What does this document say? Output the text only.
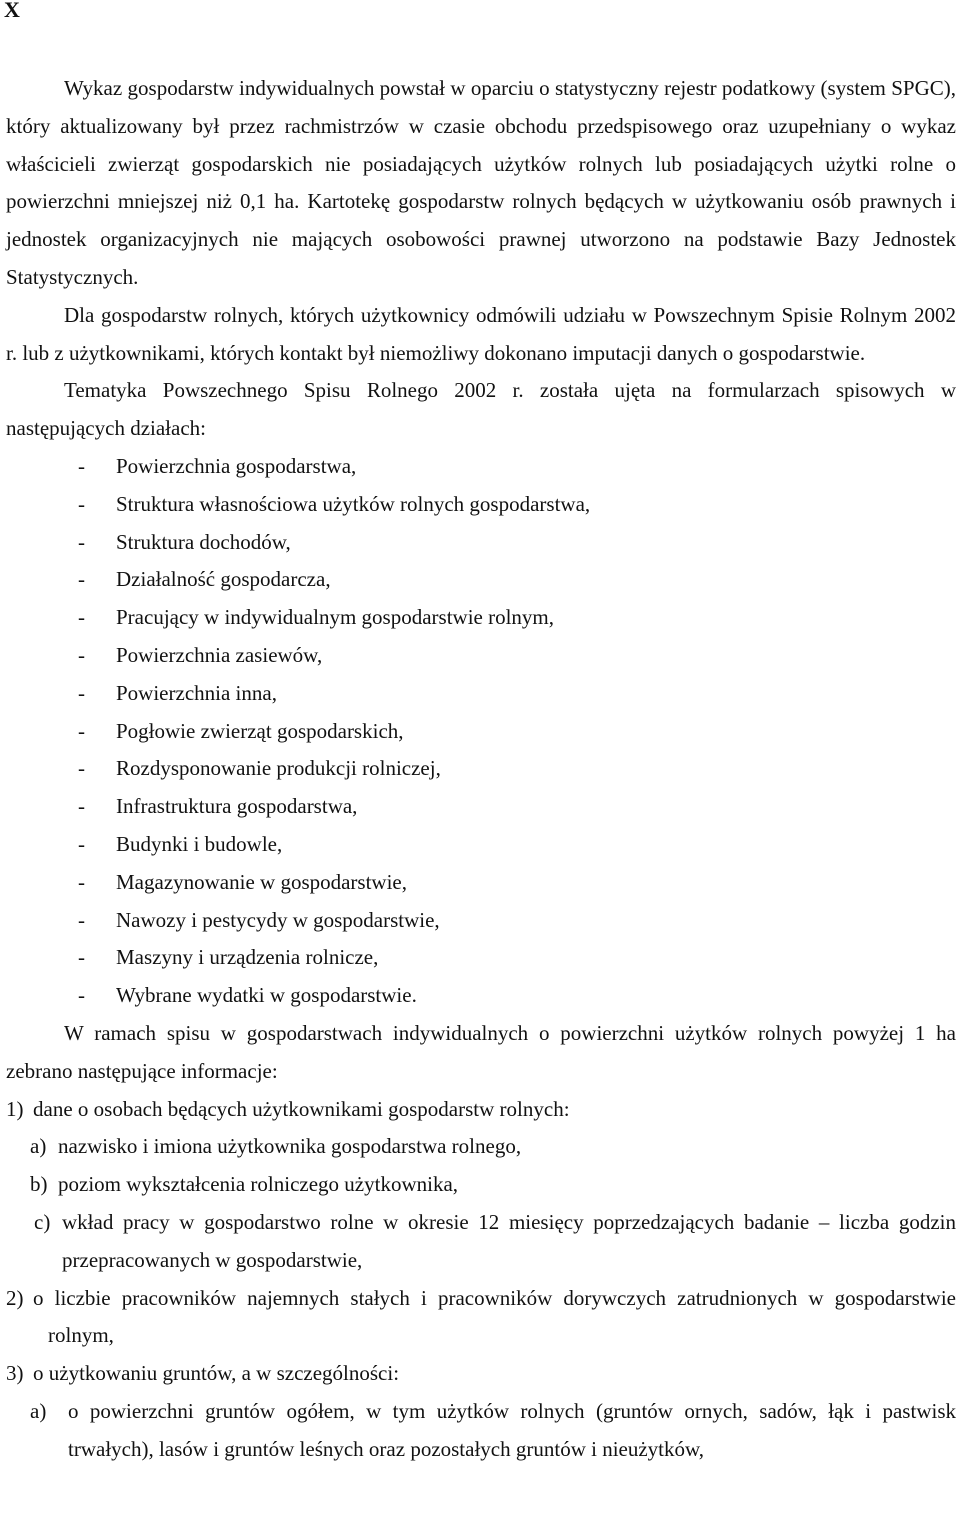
X

Wykaz gospodarstw indywidualnych powstał w oparciu o statystyczny rejestr podatkowy (system SPGC), który aktualizowany był przez rachmistrzów w czasie obchodu przedspisowego oraz uzupełniany o wykaz właścicieli zwierząt gospodarskich nie posiadających użytków rolnych lub posiadających użytki rolne o powierzchni mniejszej niż 0,1 ha. Kartotekę gospodarstw rolnych będących w użytkowaniu osób prawnych i jednostek organizacyjnych nie mających osobowości prawnej utworzono na podstawie Bazy Jednostek Statystycznych.

Dla gospodarstw rolnych, których użytkownicy odmówili udziału w Powszechnym Spisie Rolnym 2002 r. lub z użytkownikami, których kontakt był niemożliwy dokonano imputacji danych o gospodarstwie.

Tematyka Powszechnego Spisu Rolnego 2002 r. została ujęta na formularzach spisowych w następujących działach:

- Powierzchnia gospodarstwa,
- Struktura własnościowa użytków rolnych gospodarstwa,
- Struktura dochodów,
- Działalność gospodarcza,
- Pracujący w indywidualnym gospodarstwie rolnym,
- Powierzchnia zasiewów,
- Powierzchnia inna,
- Pogłowie zwierząt gospodarskich,
- Rozdysponowanie produkcji rolniczej,
- Infrastruktura gospodarstwa,
- Budynki i budowle,
- Magazynowanie w gospodarstwie,
- Nawozy i pestycydy w gospodarstwie,
- Maszyny i urządzenia rolnicze,
- Wybrane wydatki w gospodarstwie.

W ramach spisu w gospodarstwach indywidualnych o powierzchni użytków rolnych powyżej 1 ha zebrano następujące informacje:

1) dane o osobach będących użytkownikami gospodarstw rolnych:
a) nazwisko i imiona użytkownika gospodarstwa rolnego,
b) poziom wykształcenia rolniczego użytkownika,
c) wkład pracy w gospodarstwo rolne w okresie 12 miesięcy poprzedzających badanie – liczba godzin przepracowanych w gospodarstwie,
2) o liczbie pracowników najemnych stałych i pracowników dorywczych zatrudnionych w gospodarstwie rolnym,
3) o użytkowaniu gruntów, a w szczególności:
a)	o powierzchni gruntów ogółem, w tym użytków rolnych (gruntów ornych, sadów, łąk i pastwisk trwałych), lasów i gruntów leśnych oraz pozostałych gruntów i nieużytków,
